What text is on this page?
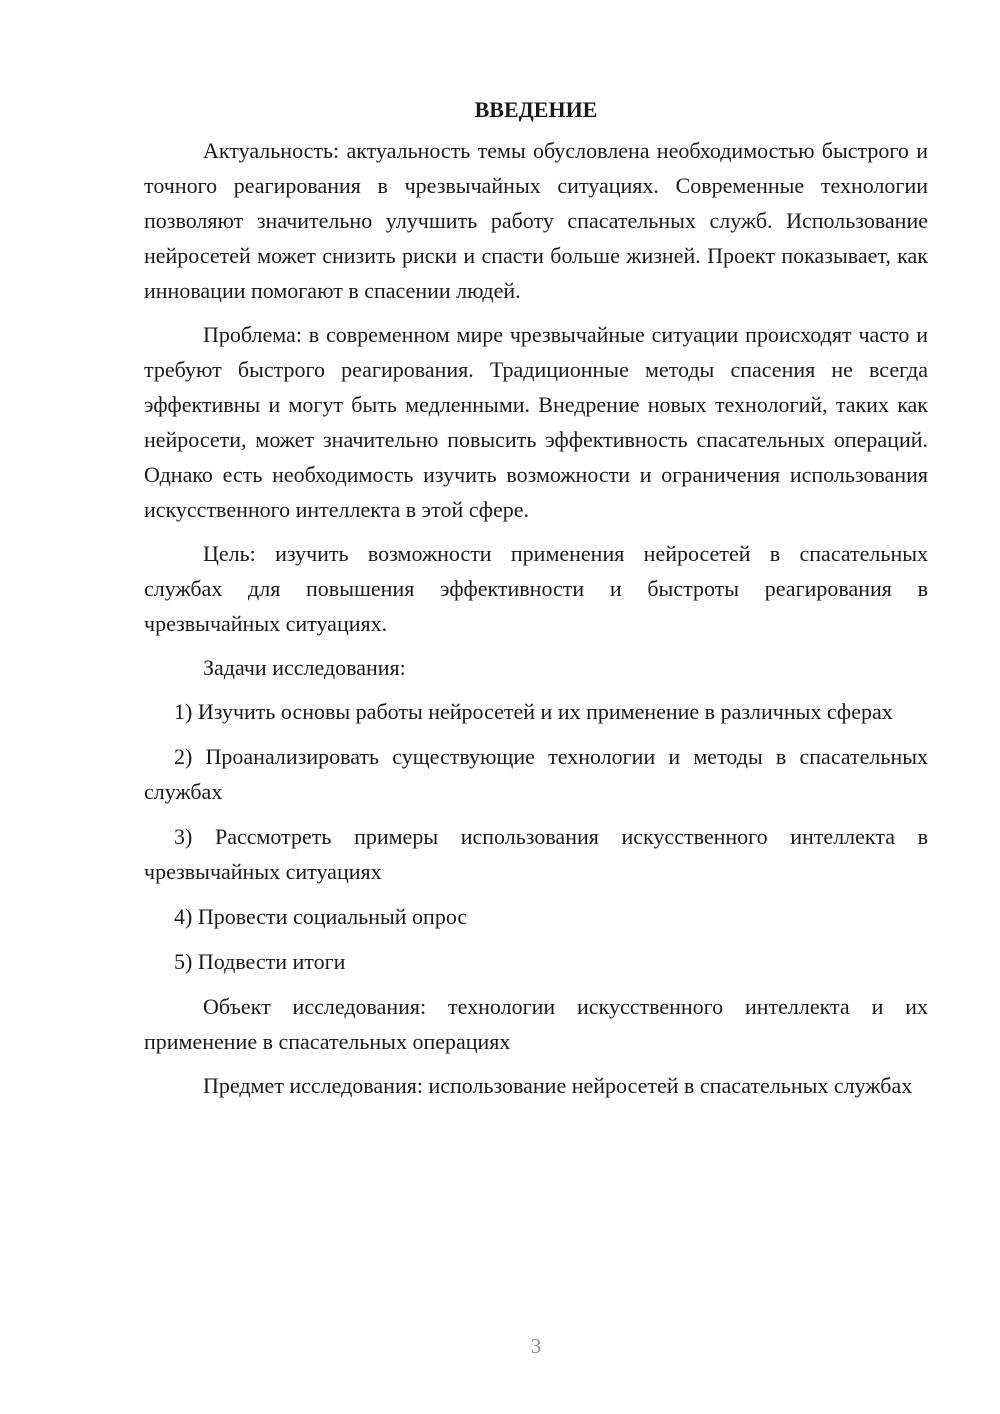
ВВЕДЕНИЕ

Актуальность: актуальность темы обусловлена необходимостью быстрого и точного реагирования в чрезвычайных ситуациях. Современные технологии позволяют значительно улучшить работу спасательных служб. Использование нейросетей может снизить риски и спасти больше жизней. Проект показывает, как инновации помогают в спасении людей.

Проблема: в современном мире чрезвычайные ситуации происходят часто и требуют быстрого реагирования. Традиционные методы спасения не всегда эффективны и могут быть медленными. Внедрение новых технологий, таких как нейросети, может значительно повысить эффективность спасательных операций. Однако есть необходимость изучить возможности и ограничения использования искусственного интеллекта в этой сфере.

Цель: изучить возможности применения нейросетей в спасательных службах для повышения эффективности и быстроты реагирования в чрезвычайных ситуациях.

Задачи исследования:

1) Изучить основы работы нейросетей и их применение в различных сферах

2) Проанализировать существующие технологии и методы в спасательных службах

3) Рассмотреть примеры использования искусственного интеллекта в чрезвычайных ситуациях

4) Провести социальный опрос

5) Подвести итоги

Объект исследования: технологии искусственного интеллекта и их применение в спасательных операциях

Предмет исследования: использование нейросетей в спасательных службах

3
